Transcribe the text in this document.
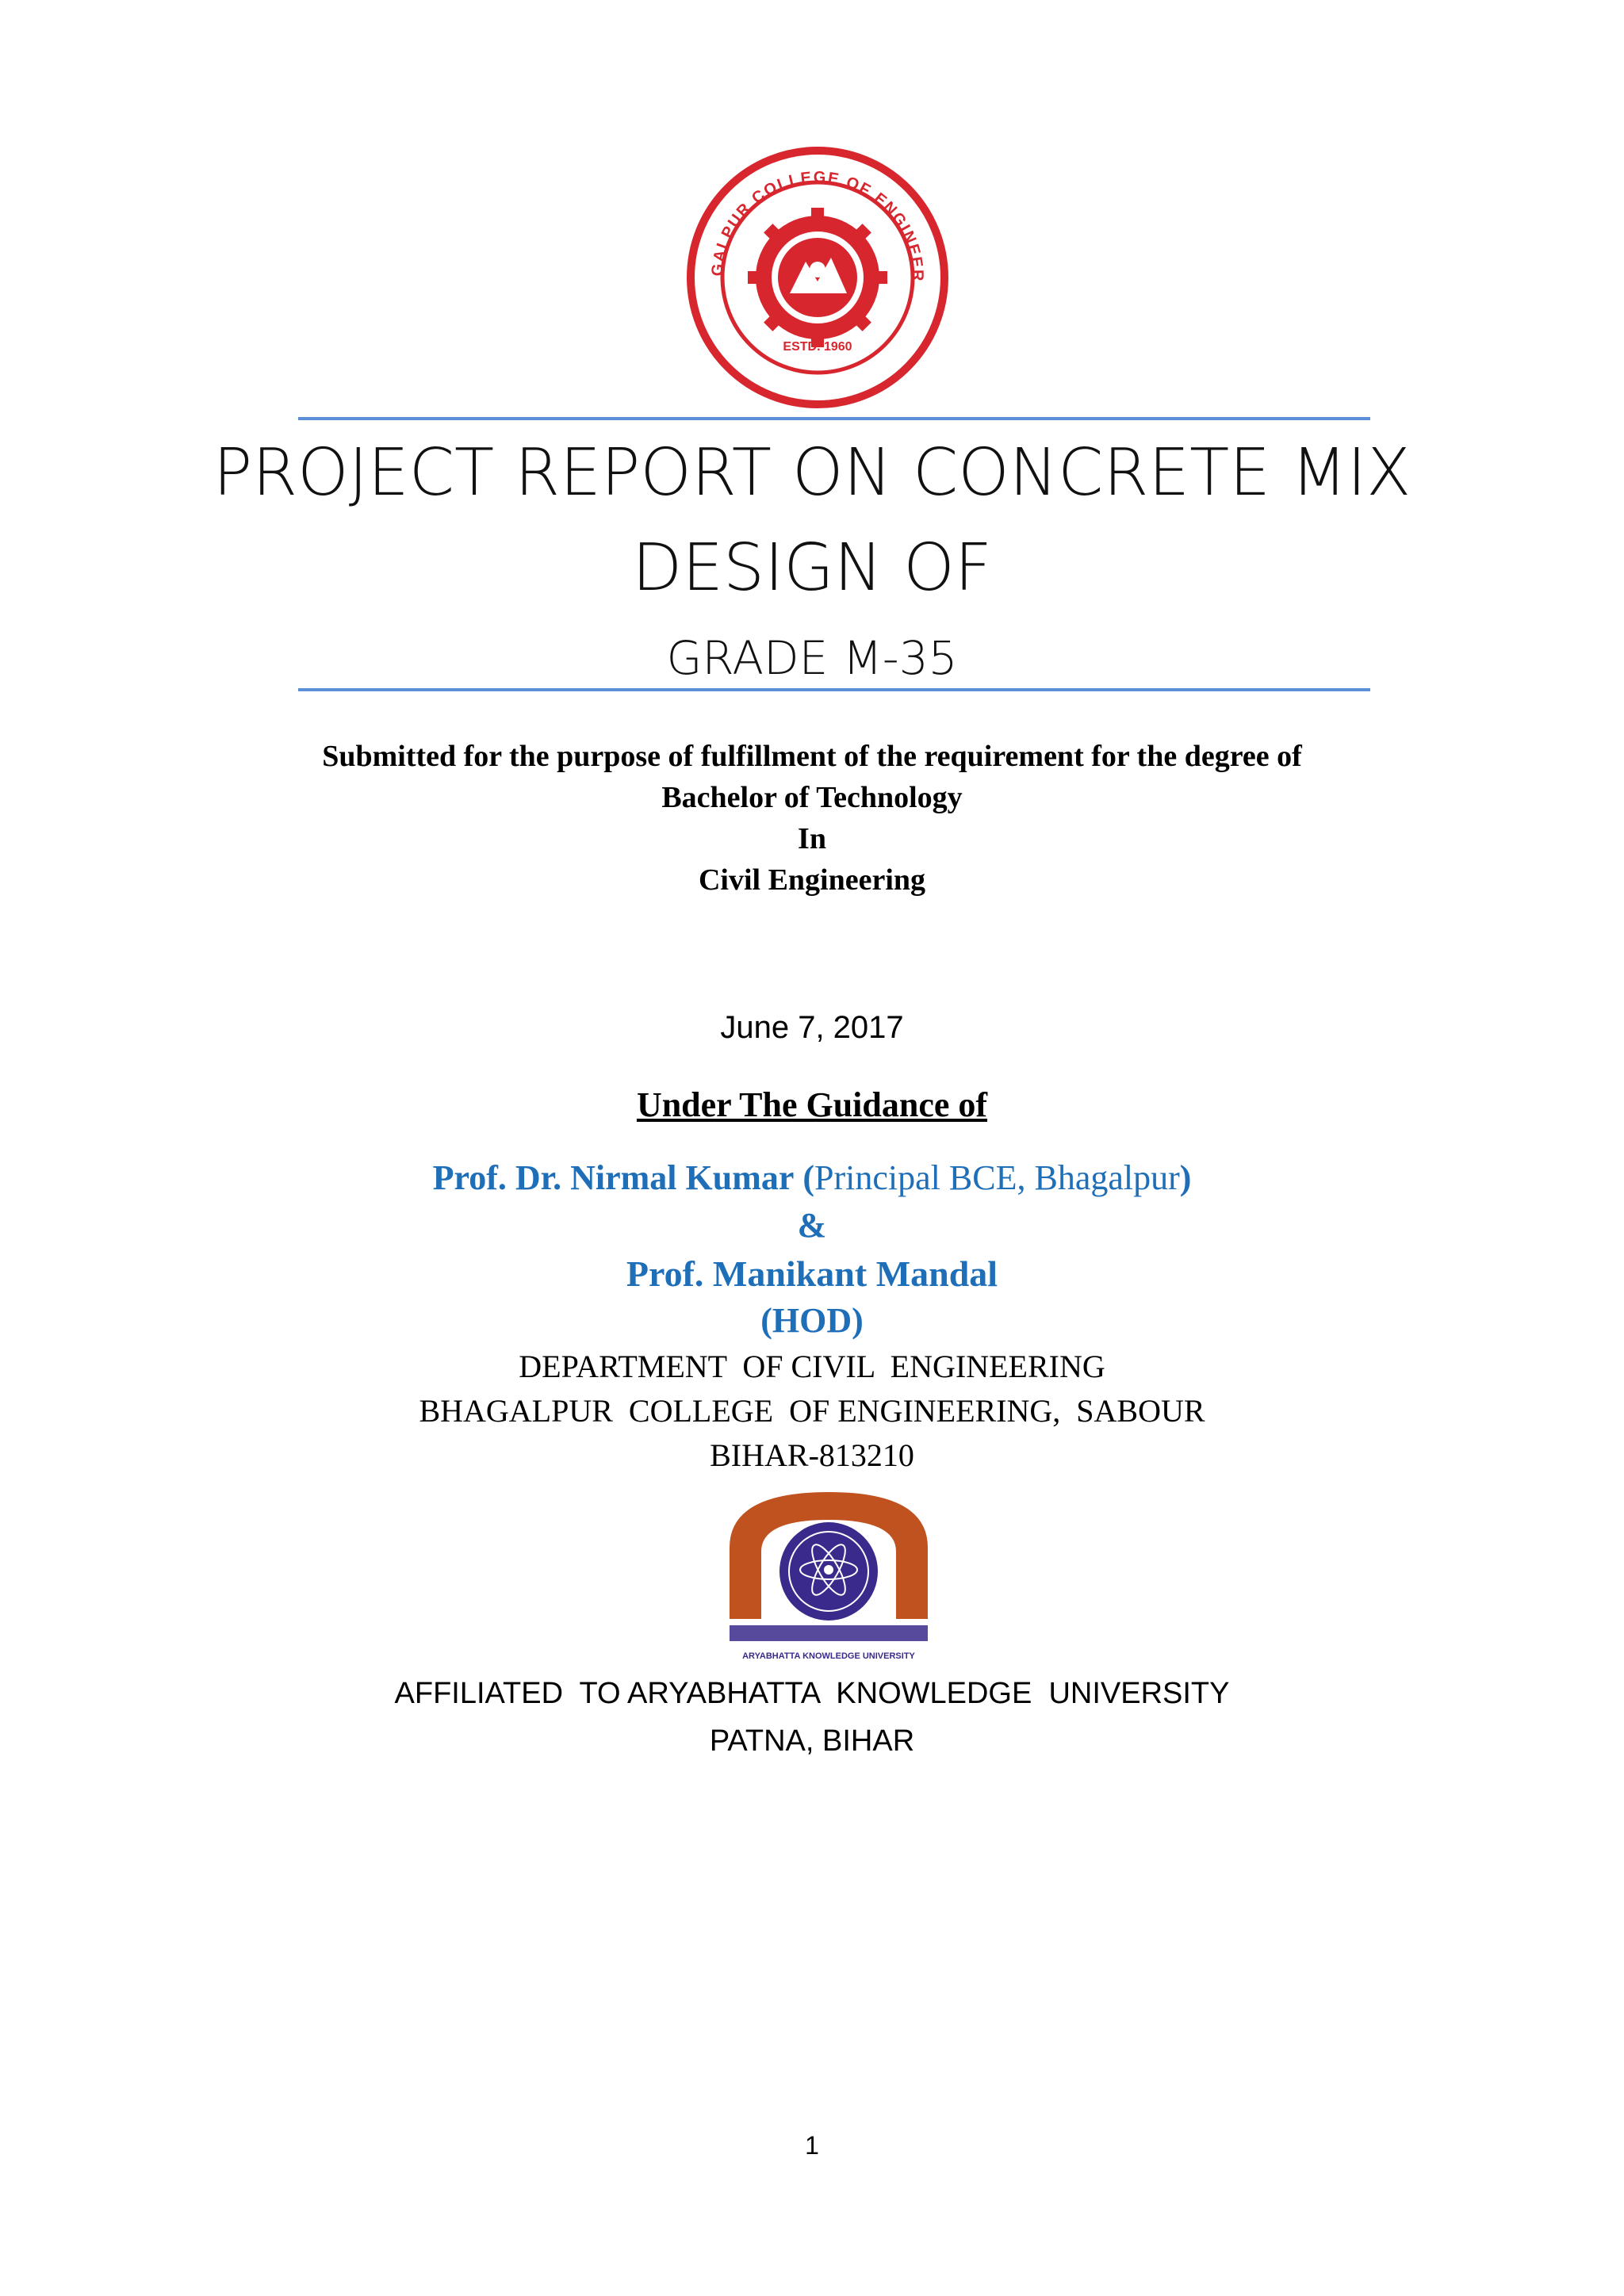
GALPUR COLLEGE OF ENGINEER
ESTD. 1960
PROJECT REPORT ON CONCRETE MIX
DESIGN OF
GRADE M-35
Submitted for the purpose of fulfillment of the requirement for the degree of
Bachelor of Technology
In
Civil Engineering
June 7, 2017
Under The Guidance of
Prof. Dr. Nirmal Kumar (Principal BCE, Bhagalpur)
&
Prof. Manikant Mandal
(HOD)
DEPARTMENT  OF CIVIL  ENGINEERING
BHAGALPUR  COLLEGE  OF ENGINEERING,  SABOUR
BIHAR-813210
ARYABHATTA KNOWLEDGE UNIVERSITY
AFFILIATED  TO ARYABHATTA  KNOWLEDGE  UNIVERSITY
PATNA, BIHAR
1
